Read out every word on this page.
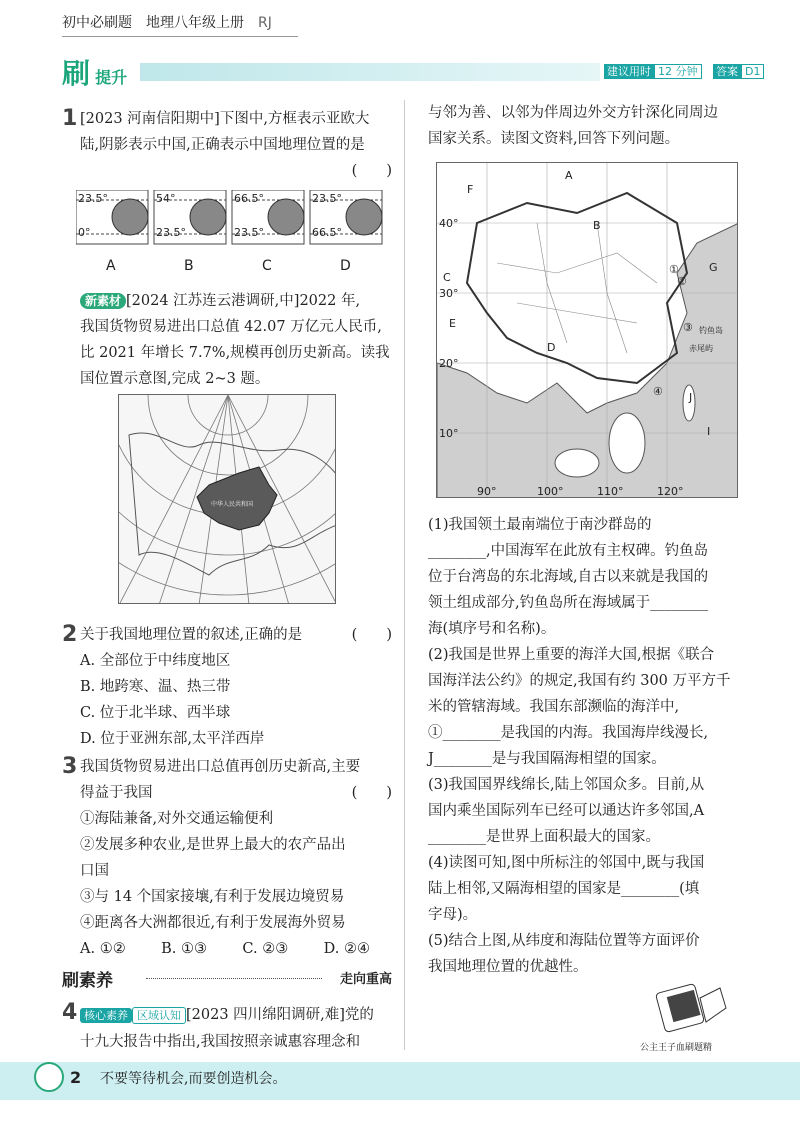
初中必刷题　 地理八年级上册　 RJ
刷 提升	建议用时 12 分钟 答案 D1
1 [2023 河南信阳期中]下图中,方框表示亚欧大
陆,阴影表示中国,正确表示中国地理位置的是
(　　)
23.5°
0°
54°
23.5°
66.5°
23.5°
23.5°
66.5°
A	B	C	D
新素材 [2024 江苏连云港调研,中]2022 年,
我国货物贸易进出口总值 42.07 万亿元人民币,
比 2021 年增长 7.7%,规模再创历史新高。读我
国位置示意图,完成 2~3 题。
中华人民共和国
2 关于我国地理位置的叙述,正确的是	(　　)
A. 全部位于中纬度地区
B. 地跨寒、温、热三带
C. 位于北半球、西半球
D. 位于亚洲东部,太平洋西岸
3 我国货物贸易进出口总值再创历史新高,主要
得益于我国	(　　)
①海陆兼备,对外交通运输便利
②发展多种农业,是世界上最大的农产品出
口国
③与 14 个国家接壤,有利于发展边境贸易
④距离各大洲都很近,有利于发展海外贸易
A. ①② B. ①③ C. ②③ D. ②④
刷素养	走向重高
4 核心素养 区域认知 [2023 四川绵阳调研,难]党的
十九大报告中指出,我国按照亲诚惠容理念和
与邻为善、以邻为伴周边外交方针深化同周边
国家关系。读图文资料,回答下列问题。
40°
30°
20°
10°
90°	100°	110°	120°
A
B
C
D
E
F
G
I
J
①
②
③
④
钓鱼岛
赤尾屿
(1)我国领土最南端位于南沙群岛的
________,中国海军在此放有主权碑。钓鱼岛
位于台湾岛的东北海域,自古以来就是我国的
领土组成部分,钓鱼岛所在海域属于________
海(填序号和名称)。
(2)我国是世界上重要的海洋大国,根据《联合
国海洋法公约》的规定,我国有约 300 万平方千
米的管辖海域。我国东部濒临的海洋中,
①________是我国的内海。我国海岸线漫长,
J________是与我国隔海相望的国家。
(3)我国国界线绵长,陆上邻国众多。目前,从
国内乘坐国际列车已经可以通达许多邻国,A
________是世界上面积最大的国家。
(4)读图可知,图中所标注的邻国中,既与我国
陆上相邻,又隔海相望的国家是________(填
字母)。
(5)结合上图,从纬度和海陆位置等方面评价
我国地理位置的优越性。
公主王子血刷题精
2 不要等待机会,而要创造机会。
